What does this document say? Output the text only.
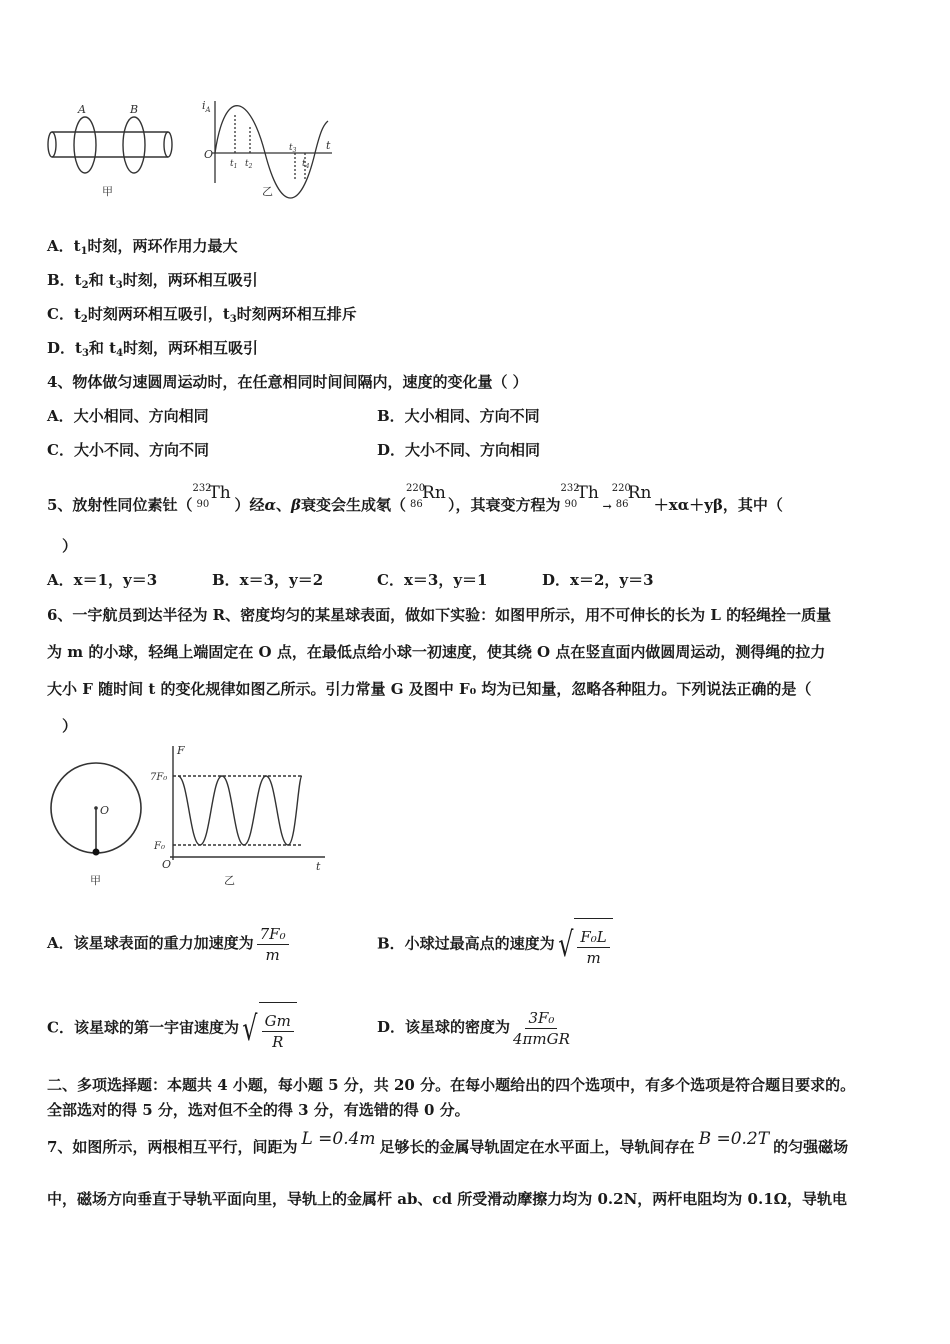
A	B
甲
$i_A$
t
O
$t_1$ $t_2$
$t_3$
$t_4$
乙
A．$t_1$时刻，两环作用力最大
B．$t_2$和 $t_3$时刻，两环相互吸引
C．$t_2$时刻两环相互吸引，$t_3$时刻两环相互排斥
D．$t_3$和 $t_4$时刻，两环相互吸引
4、物体做匀速圆周运动时，在任意相同时间间隔内，速度的变化量（ ）
A．大小相同、方向相同	B．大小相同、方向不同
C．大小不同、方向不同	D．大小不同、方向相同
5、放射性同位素钍（
232
90
Th
）经α、β衰变会生成氡（
220
86
Rn
），其衰变方程为
232
90
Th
→
220
86
Rn
＋xα＋yβ，其中（
）
A．x＝1，y＝3	B．x＝3，y＝2	C．x＝3，y＝1	D．x＝2，y＝3
6、一宇航员到达半径为 R、密度均匀的某星球表面，做如下实验：如图甲所示，用不可伸长的长为 L 的轻绳拴一质量
为 m 的小球，轻绳上端固定在 O 点，在最低点给小球一初速度，使其绕 O 点在竖直面内做圆周运动，测得绳的拉力
大小 F 随时间 t 的变化规律如图乙所示。引力常量 G 及图中 F₀ 均为已知量，忽略各种阻力。下列说法正确的是（
）
O
甲
F
t
7F₀
F₀
O
乙
A．该星球表面的重力加速度为 $\frac{\text{7F₀}}{m}$	B．小球过最高点的速度为 √ $\frac{\text{F₀L}}{m}$
C．该星球的第一宇宙速度为 √ $\frac{Gm}{R}$	D．该星球的密度为 $\frac{\text{3F₀}}{\text{4πmGR}}$
二、多项选择题：本题共 4 小题，每小题 5 分，共 20 分。在每小题给出的四个选项中，有多个选项是符合题目要求的。
全部选对的得 5 分，选对但不全的得 3 分，有选错的得 0 分。
7、如图所示，两根相互平行，间距为 L =0.4m 足够长的金属导轨固定在水平面上，导轨间存在 B =0.2T 的匀强磁场
中，磁场方向垂直于导轨平面向里，导轨上的金属杆 ab、cd 所受滑动摩擦力均为 0.2N，两杆电阻均为 0.1Ω，导轨电
